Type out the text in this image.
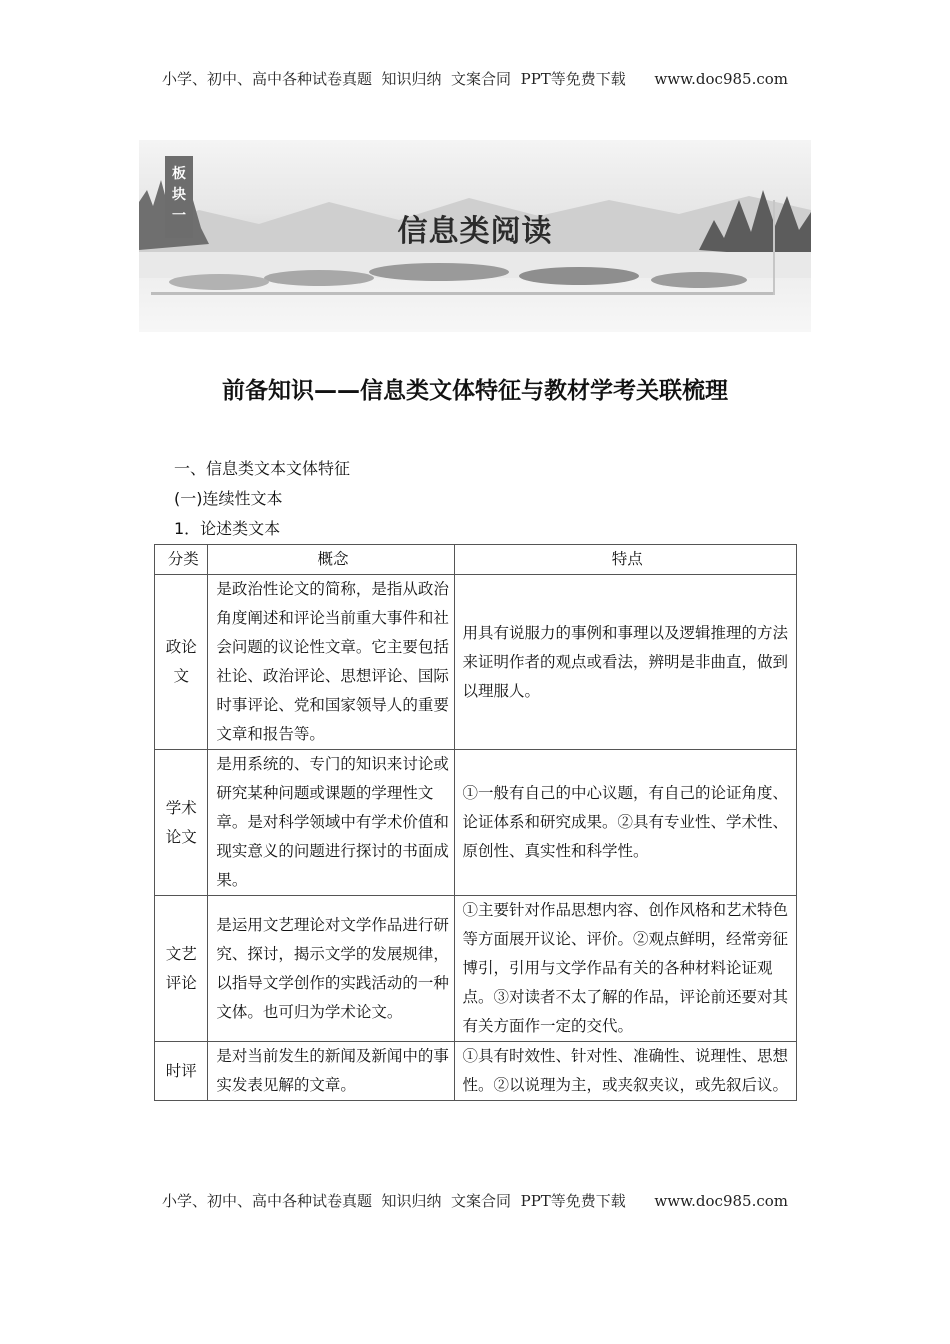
小学、初中、高中各种试卷真题  知识归纳  文案合同  PPT等免费下载 www.doc985.com
板
块
一	信息类阅读
前备知识——信息类文体特征与教材学考关联梳理
一、信息类文本文体特征
(一)连续性文本
1．论述类文本
分类	概念	特点
政论文	是政治性论文的简称，是指从政治角度阐述和评论当前重大事件和社会问题的议论性文章。它主要包括社论、政治评论、思想评论、国际时事评论、党和国家领导人的重要文章和报告等。	用具有说服力的事例和事理以及逻辑推理的方法来证明作者的观点或看法，辨明是非曲直，做到以理服人。
学术论文	是用系统的、专门的知识来讨论或研究某种问题或课题的学理性文章。是对科学领域中有学术价值和现实意义的问题进行探讨的书面成果。	①一般有自己的中心议题，有自己的论证角度、论证体系和研究成果。②具有专业性、学术性、原创性、真实性和科学性。
文艺评论	是运用文艺理论对文学作品进行研究、探讨，揭示文学的发展规律，以指导文学创作的实践活动的一种文体。也可归为学术论文。	①主要针对作品思想内容、创作风格和艺术特色等方面展开议论、评价。②观点鲜明，经常旁征博引，引用与文学作品有关的各种材料论证观点。③对读者不太了解的作品，评论前还要对其有关方面作一定的交代。
时评	是对当前发生的新闻及新闻中的事实发表见解的文章。	①具有时效性、针对性、准确性、说理性、思想性。②以说理为主，或夹叙夹议，或先叙后议。
小学、初中、高中各种试卷真题  知识归纳  文案合同  PPT等免费下载 www.doc985.com
